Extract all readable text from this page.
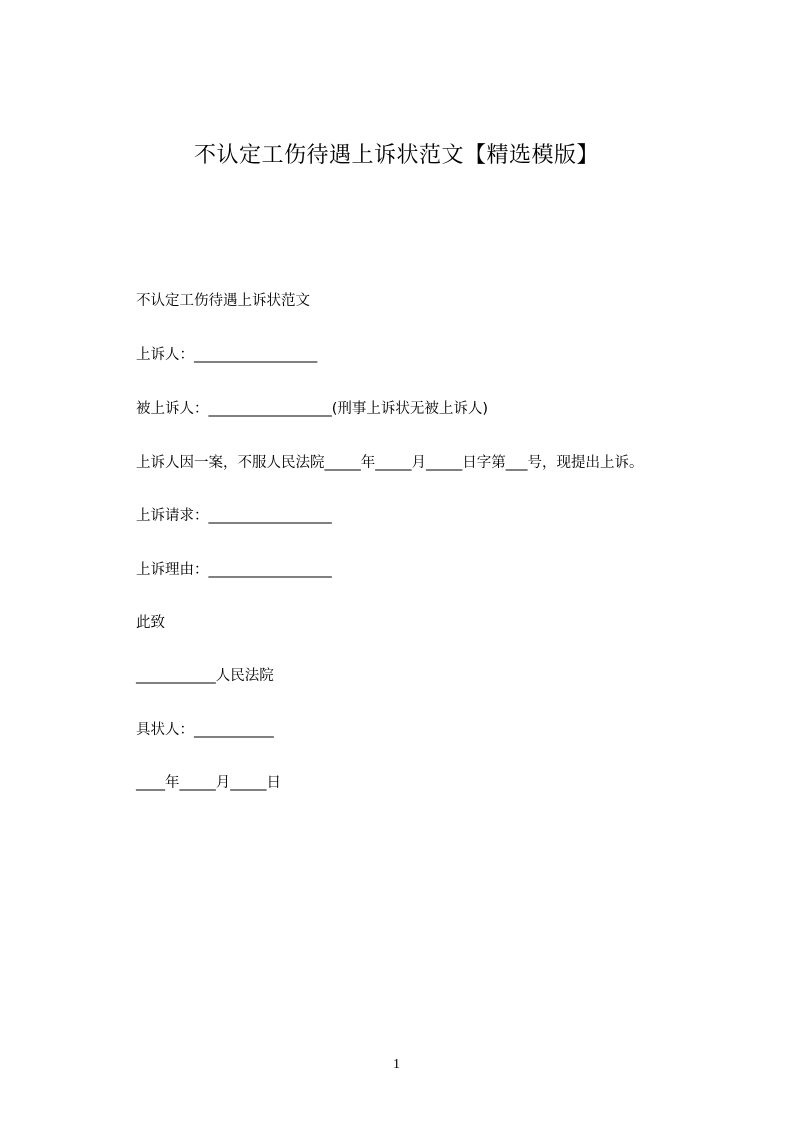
不认定工伤待遇上诉状范文【精选模版】
不认定工伤待遇上诉状范文
上诉人：_________________
被上诉人：_________________(刑事上诉状无被上诉人)
上诉人因一案，不服人民法院_____年_____月_____日字第___号，现提出上诉。
上诉请求：_________________
上诉理由：_________________
此致
___________人民法院
具状人：___________
____年_____月_____日
1
